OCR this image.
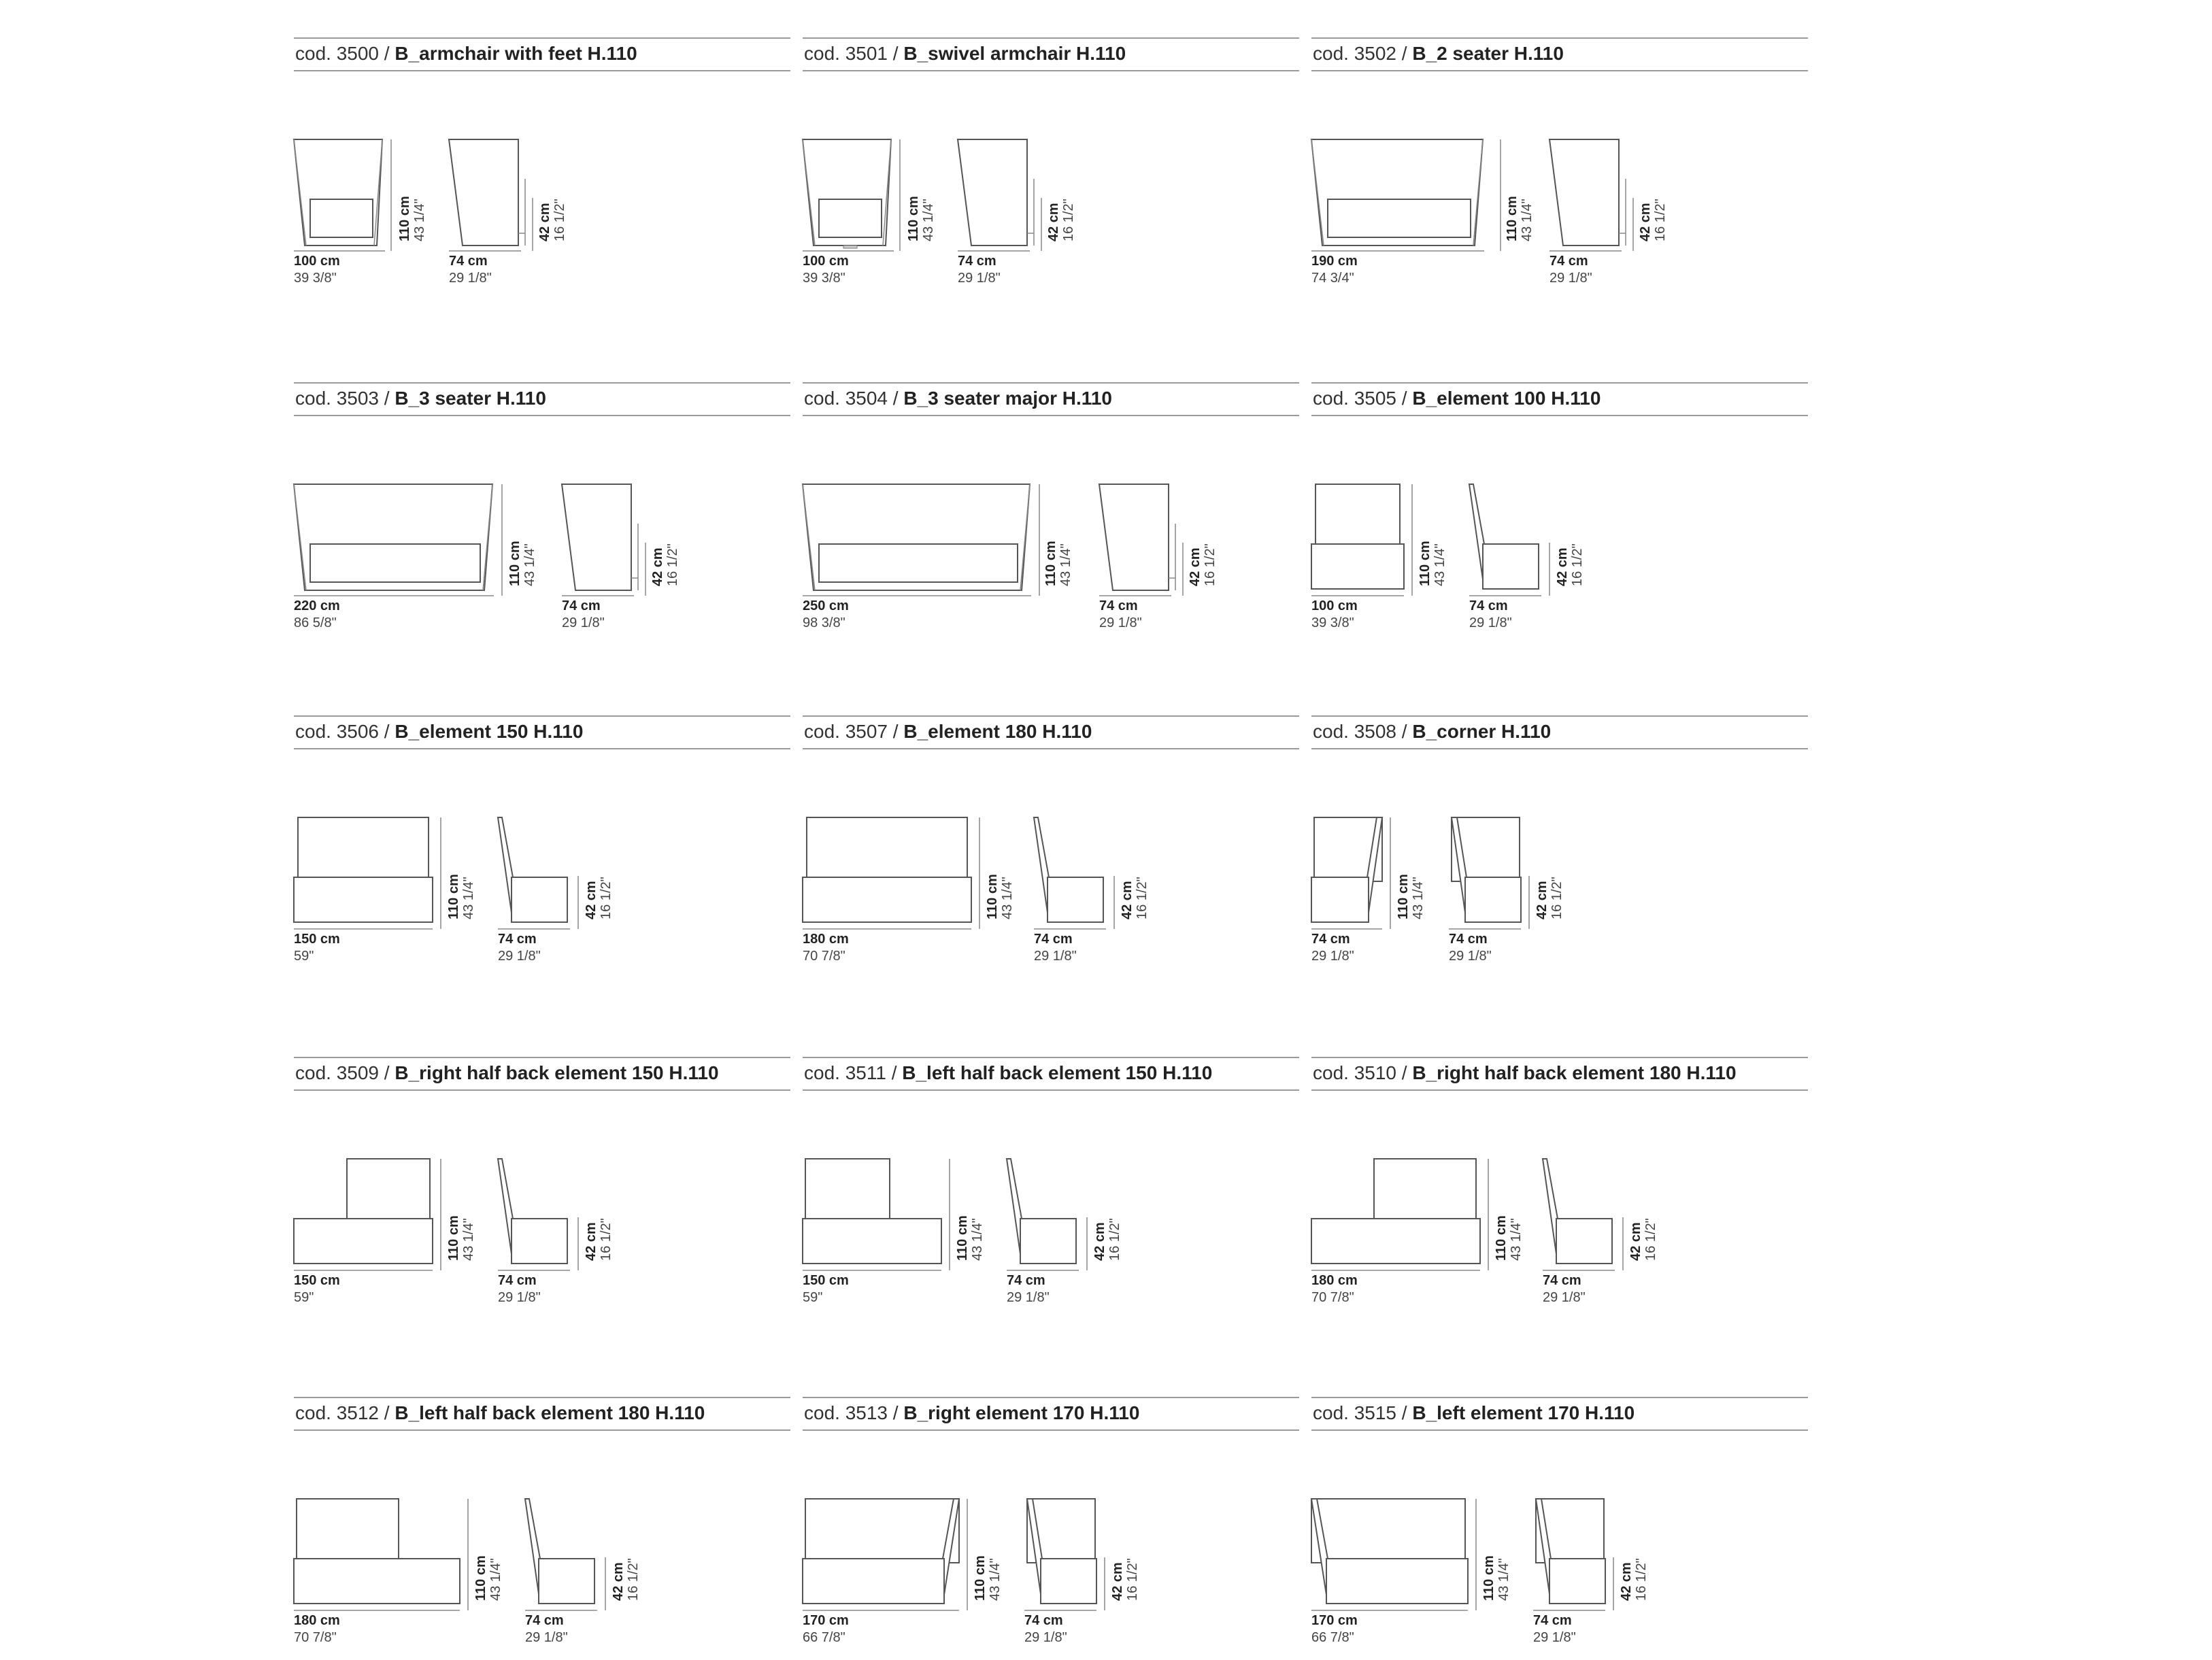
cod. 3500 / B_armchair with feet H.110
100 cm
39 3/8"
110 cm 43 1/4"
74 cm
29 1/8"
42 cm 16 1/2"
cod. 3501 / B_swivel armchair H.110
100 cm
39 3/8"
110 cm 43 1/4"
74 cm
29 1/8"
42 cm 16 1/2"
cod. 3502 / B_2 seater H.110
190 cm
74 3/4"
110 cm 43 1/4"
74 cm
29 1/8"
42 cm 16 1/2"
cod. 3503 / B_3 seater H.110
220 cm
86 5/8"
110 cm 43 1/4"
74 cm
29 1/8"
42 cm 16 1/2"
cod. 3504 / B_3 seater major H.110
250 cm
98 3/8"
110 cm 43 1/4"
74 cm
29 1/8"
42 cm 16 1/2"
cod. 3505 / B_element 100 H.110
100 cm
39 3/8"
110 cm 43 1/4"
74 cm
29 1/8"
42 cm 16 1/2"
cod. 3506 / B_element 150 H.110
150 cm
59"
110 cm 43 1/4"
74 cm
29 1/8"
42 cm 16 1/2"
cod. 3507 / B_element 180 H.110
180 cm
70 7/8"
110 cm 43 1/4"
74 cm
29 1/8"
42 cm 16 1/2"
cod. 3508 / B_corner H.110
74 cm
29 1/8"
110 cm 43 1/4"
74 cm
29 1/8"
42 cm 16 1/2"
cod. 3509 / B_right half back element 150 H.110
150 cm
59"
110 cm 43 1/4"
74 cm
29 1/8"
42 cm 16 1/2"
cod. 3511 / B_left half back element 150 H.110
150 cm
59"
110 cm 43 1/4"
74 cm
29 1/8"
42 cm 16 1/2"
cod. 3510 / B_right half back element 180 H.110
180 cm
70 7/8"
110 cm 43 1/4"
74 cm
29 1/8"
42 cm 16 1/2"
cod. 3512 / B_left half back element 180 H.110
180 cm
70 7/8"
110 cm 43 1/4"
74 cm
29 1/8"
42 cm 16 1/2"
cod. 3513 / B_right element 170 H.110
170 cm
66 7/8"
110 cm 43 1/4"
74 cm
29 1/8"
42 cm 16 1/2"
cod. 3515 / B_left element 170 H.110
170 cm
66 7/8"
110 cm 43 1/4"
74 cm
29 1/8"
42 cm 16 1/2"
